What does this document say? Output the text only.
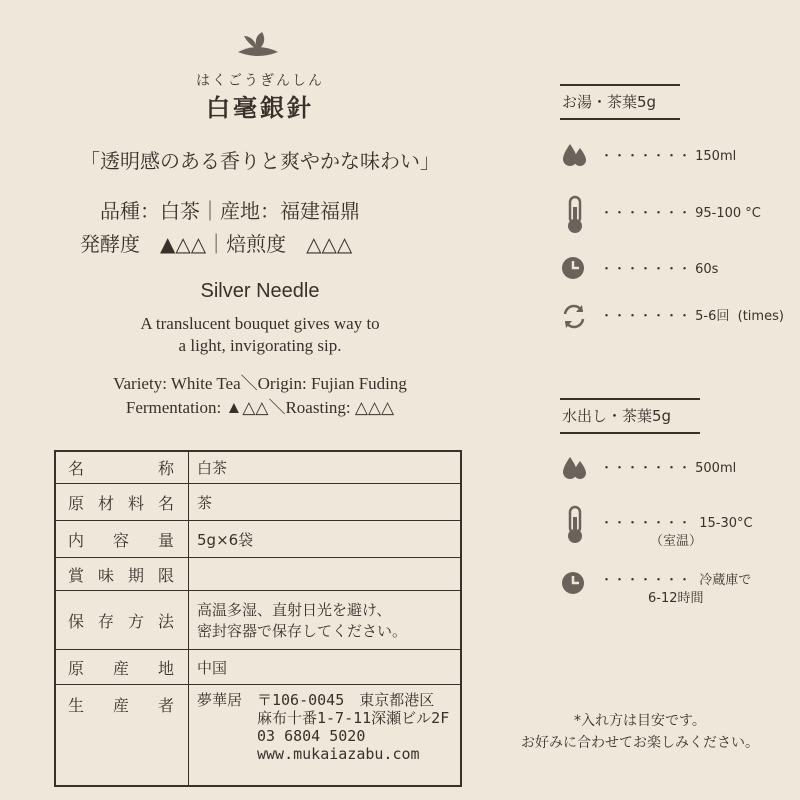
はくごうぎんしん
白毫銀針
「透明感のある香りと爽やかな味わい」
品種：白茶｜産地：福建福鼎
発酵度　▲△△｜焙煎度　△△△
Silver Needle
A translucent bouquet gives way to
a light, invigorating sip.
Variety: White Tea＼Origin: Fujian Fuding
Fermentation: ▲△△＼Roasting: △△△
名称	白茶
原材料名	茶
内容量	5g×6袋
賞味期限	
保存方法	高温多湿、直射日光を避け、
密封容器で保存してください。

原産地	中国
生産者	夢華居　〒106-0045　東京都港区
　　　　麻布十番1-7-11深瀬ビル2F
　　　　03 6804 5020
　　　　www.mukaiazabu.com
お湯・茶葉5g
・・・・・・・ 150ml
・・・・・・・ 95-100 °C
・・・・・・・ 60s
・・・・・・・ 5-6回  (times)
水出し・茶葉5g
・・・・・・・ 500ml
・・・・・・・  15-30°C
（室温）
・・・・・・・  冷蔵庫で
6-12時間
*入れ方は目安です。
お好みに合わせてお楽しみください。
